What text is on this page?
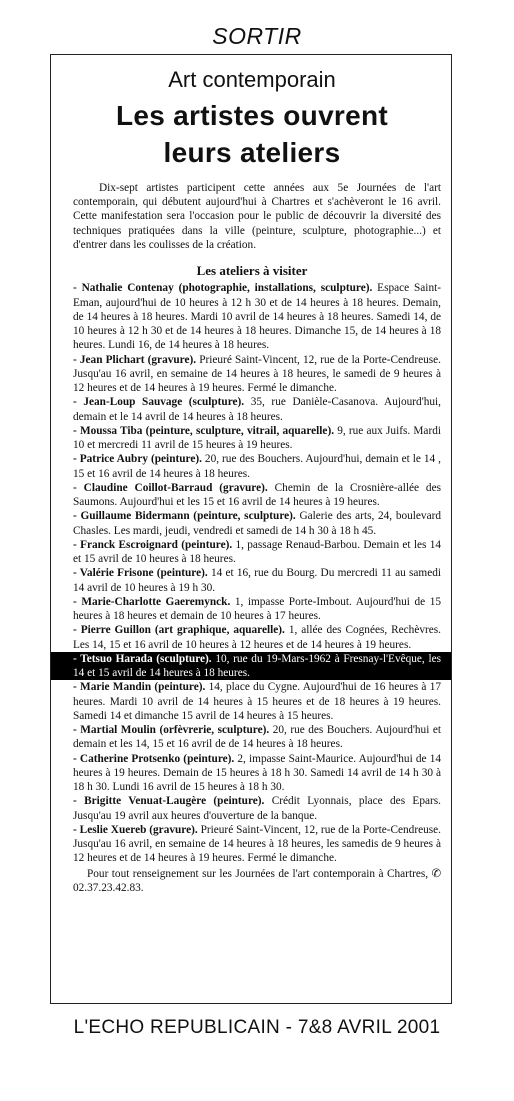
SORTIR
Art contemporain
Les artistes ouvrent
leurs ateliers

Dix-sept artistes participent cette années aux 5e Journées de l'art contemporain, qui débutent aujourd'hui à Chartres et s'achèveront le 16 avril. Cette manifestation sera l'occasion pour le public de découvrir la diversité des techniques pratiquées dans la ville (peinture, sculpture, photographie...) et d'entrer dans les coulisses de la création.

Les ateliers à visiter

- Nathalie Contenay (photographie, installations, sculpture). Espace Saint-Eman, aujourd'hui de 10 heures à 12 h 30 et de 14 heures à 18 heures. Demain, de 14 heures à 18 heures. Mardi 10 avril de 14 heures à 18 heures. Samedi 14, de 10 heures à 12 h 30 et de 14 heures à 18 heures. Dimanche 15, de 14 heures à 18 heures. Lundi 16, de 14 heures à 18 heures.

- Jean Plichart (gravure). Prieuré Saint-Vincent, 12, rue de la Porte-Cendreuse. Jusqu'au 16 avril, en semaine de 14 heures à 18 heures, le samedi de 9 heures à 12 heures et de 14 heures à 19 heures. Fermé le dimanche.

- Jean-Loup Sauvage (sculpture). 35, rue Danièle-Casanova. Aujourd'hui, demain et le 14 avril de 14 heures à 18 heures.

- Moussa Tiba (peinture, sculpture, vitrail, aquarelle). 9, rue aux Juifs. Mardi 10 et mercredi 11 avril de 15 heures à 19 heures.

- Patrice Aubry (peinture). 20, rue des Bouchers. Aujourd'hui, demain et le 14 , 15 et 16 avril de 14 heures à 18 heures.

- Claudine Coillot-Barraud (gravure). Chemin de la Crosnière-allée des Saumons. Aujourd'hui et les 15 et 16 avril de 14 heures à 19 heures.

- Guillaume Bidermann (peinture, sculpture). Galerie des arts, 24, boulevard Chasles. Les mardi, jeudi, vendredi et samedi de 14 h 30 à 18 h 45.

- Franck Escroignard (peinture). 1, passage Renaud-Barbou. Demain et les 14 et 15 avril de 10 heures à 18 heures.

- Valérie Frisone (peinture). 14 et 16, rue du Bourg. Du mercredi 11 au samedi 14 avril de 10 heures à 19 h 30.

- Marie-Charlotte Gaeremynck. 1, impasse Porte-Imbout. Aujourd'hui de 15 heures à 18 heures et demain de 10 heures à 17 heures.

- Pierre Guillon (art graphique, aquarelle). 1, allée des Cognées, Rechèvres. Les 14, 15 et 16 avril de 10 heures à 12 heures et de 14 heures à 19 heures.

- Tetsuo Harada (sculpture). 10, rue du 19-Mars-1962 à Fresnay-l'Evêque, les 14 et 15 avril de 14 heures à 18 heures.

- Marie Mandin (peinture). 14, place du Cygne. Aujourd'hui de 16 heures à 17 heures. Mardi 10 avril de 14 heures à 15 heures et de 18 heures à 19 heures. Samedi 14 et dimanche 15 avril de 14 heures à 15 heures.

- Martial Moulin (orfèvrerie, sculpture). 20, rue des Bouchers. Aujourd'hui et demain et les 14, 15 et 16 avril de de 14 heures à 18 heures.

- Catherine Protsenko (peinture). 2, impasse Saint-Maurice. Aujourd'hui de 14 heures à 19 heures. Demain de 15 heures à 18 h 30. Samedi 14 avril de 14 h 30 à 18 h 30. Lundi 16 avril de 15 heures à 18 h 30.

- Brigitte Venuat-Laugère (peinture). Crédit Lyonnais, place des Epars. Jusqu'au 19 avril aux heures d'ouverture de la banque.

- Leslie Xuereb (gravure). Prieuré Saint-Vincent, 12, rue de la Porte-Cendreuse. Jusqu'au 16 avril, en semaine de 14 heures à 18 heures, les samedis de 9 heures à 12 heures et de 14 heures à 19 heures. Fermé le dimanche.

Pour tout renseignement sur les Journées de l'art contemporain à Chartres, ✆ 02.37.23.42.83.

L'ECHO REPUBLICAIN - 7&8 AVRIL 2001
